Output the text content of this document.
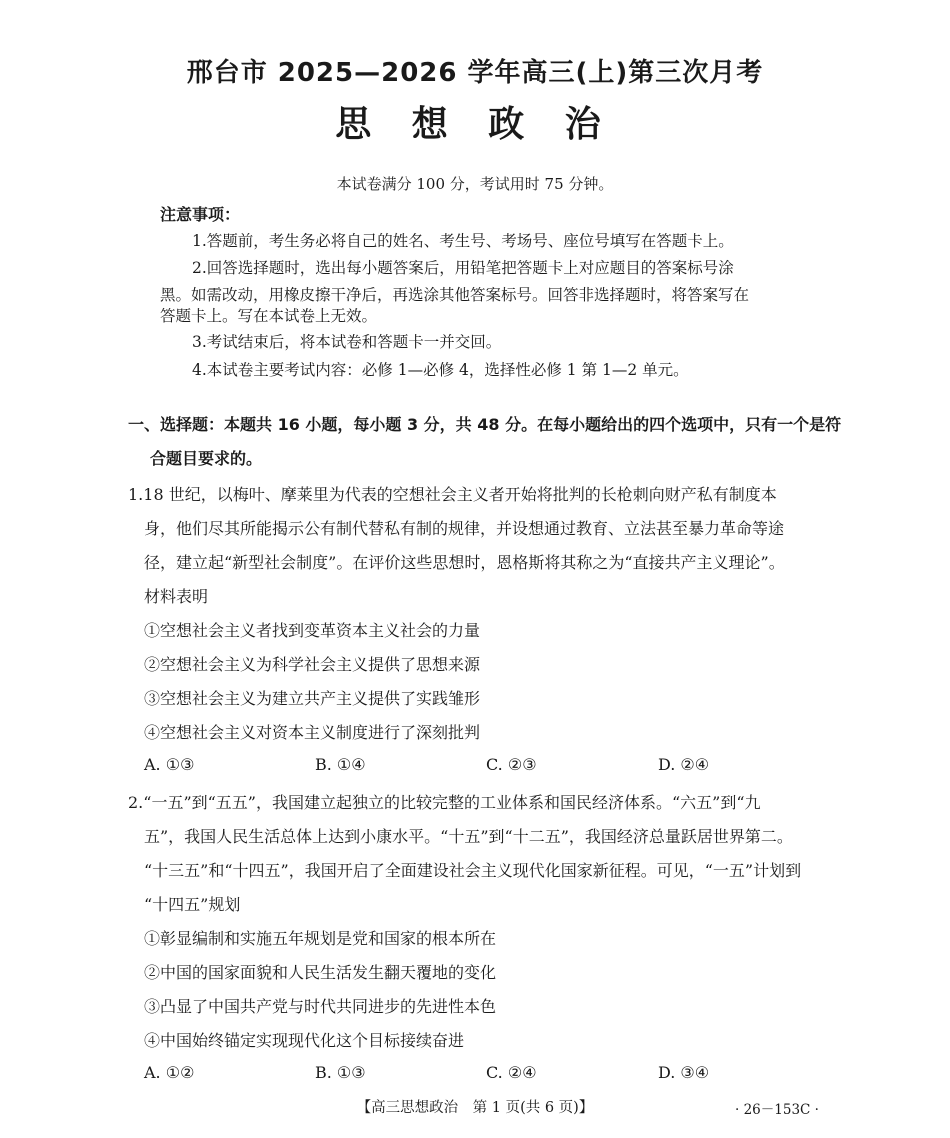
邢台市 2025—2026 学年高三(上)第三次月考
思 想 政 治
本试卷满分 100 分，考试用时 75 分钟。
注意事项：
1.答题前，考生务必将自己的姓名、考生号、考场号、座位号填写在答题卡上。
2.回答选择题时，选出每小题答案后，用铅笔把答题卡上对应题目的答案标号涂
黑。如需改动，用橡皮擦干净后，再选涂其他答案标号。回答非选择题时，将答案写在
答题卡上。写在本试卷上无效。
3.考试结束后，将本试卷和答题卡一并交回。
4.本试卷主要考试内容：必修 1—必修 4，选择性必修 1 第 1—2 单元。
一、选择题：本题共 16 小题，每小题 3 分，共 48 分。在每小题给出的四个选项中，只有一个是符
合题目要求的。
1.18 世纪，以梅叶、摩莱里为代表的空想社会主义者开始将批判的长枪刺向财产私有制度本
身，他们尽其所能揭示公有制代替私有制的规律，并设想通过教育、立法甚至暴力革命等途
径，建立起“新型社会制度”。在评价这些思想时，恩格斯将其称之为“直接共产主义理论”。
材料表明
①空想社会主义者找到变革资本主义社会的力量
②空想社会主义为科学社会主义提供了思想来源
③空想社会主义为建立共产主义提供了实践雏形
④空想社会主义对资本主义制度进行了深刻批判
A. ①③	B. ①④	C. ②③	D. ②④
2.“一五”到“五五”，我国建立起独立的比较完整的工业体系和国民经济体系。“六五”到“九
五”，我国人民生活总体上达到小康水平。“十五”到“十二五”，我国经济总量跃居世界第二。
“十三五”和“十四五”，我国开启了全面建设社会主义现代化国家新征程。可见，“一五”计划到
“十四五”规划
①彰显编制和实施五年规划是党和国家的根本所在
②中国的国家面貌和人民生活发生翻天覆地的变化
③凸显了中国共产党与时代共同进步的先进性本色
④中国始终锚定实现现代化这个目标接续奋进
A. ①②	B. ①③	C. ②④	D. ③④
【高三思想政治　第 1 页(共 6 页)】	· 26－153C ·
